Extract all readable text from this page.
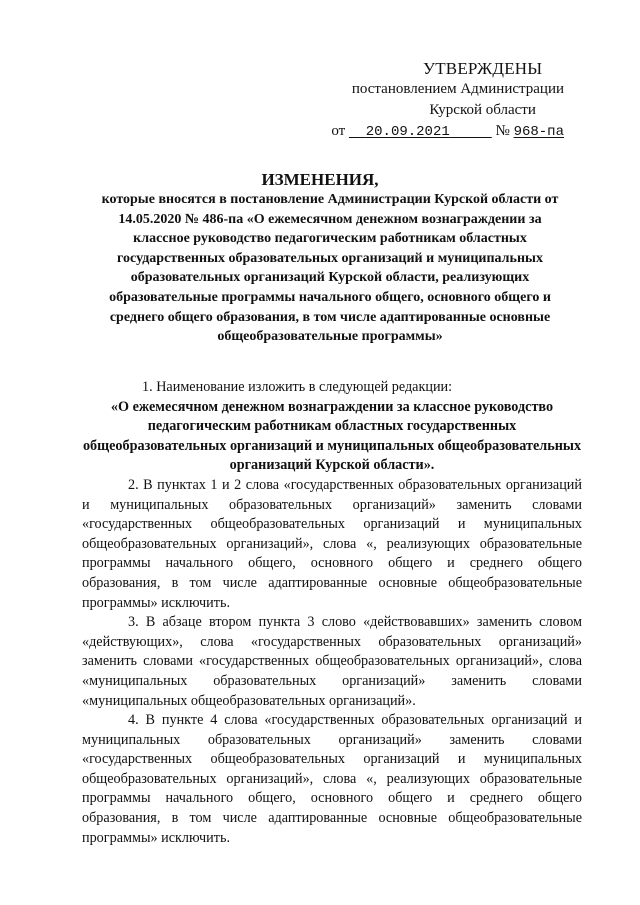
УТВЕРЖДЕНЫ
постановлением Администрации
Курской области
от 20.09.2021	№ 968-па
ИЗМЕНЕНИЯ,
которые вносятся в постановление Администрации Курской области от 14.05.2020 № 486-па «О ежемесячном денежном вознаграждении за классное руководство педагогическим работникам областных государственных образовательных организаций и муниципальных образовательных организаций Курской области, реализующих образовательные программы начального общего, основного общего и среднего общего образования, в том числе адаптированные основные общеобразовательные программы»

1. Наименование изложить в следующей редакции:

«О ежемесячном денежном вознаграждении за классное руководство педагогическим работникам областных государственных общеобразовательных организаций и муниципальных общеобразовательных организаций Курской области».

2. В пунктах 1 и 2 слова «государственных образовательных организаций и муниципальных образовательных организаций» заменить словами «государственных общеобразовательных организаций и муниципальных общеобразовательных организаций», слова «, реализующих образовательные программы начального общего, основного общего и среднего общего образования, в том числе адаптированные основные общеобразовательные программы» исключить.

3. В абзаце втором пункта 3 слово «действовавших» заменить словом «действующих», слова «государственных образовательных организаций» заменить словами «государственных общеобразовательных организаций», слова «муниципальных образовательных организаций» заменить словами «муниципальных общеобразовательных организаций».

4. В пункте 4 слова «государственных образовательных организаций и муниципальных образовательных организаций» заменить словами «государственных общеобразовательных организаций и муниципальных общеобразовательных организаций», слова «, реализующих образовательные программы начального общего, основного общего и среднего общего образования, в том числе адаптированные основные общеобразовательные программы» исключить.
